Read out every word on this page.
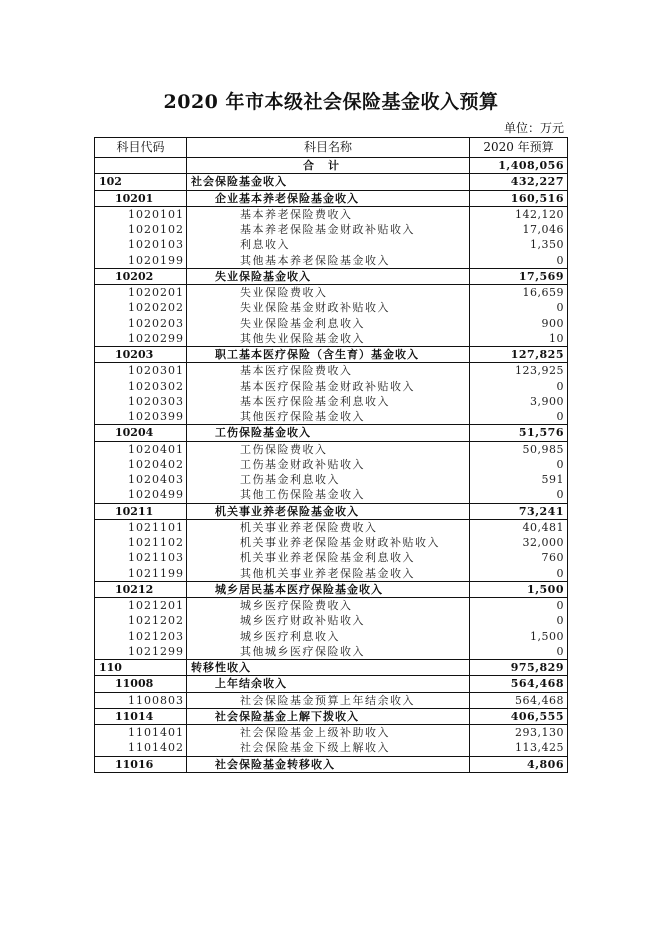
2020 年市本级社会保险基金收入预算
单位：万元
科目代码	科目名称	2020 年预算
	合计	1,408,056
102	社会保险基金收入	432,227
10201	企业基本养老保险基金收入	160,516
1020101	基本养老保险费收入	142,120
1020102	基本养老保险基金财政补贴收入	17,046
1020103	利息收入	1,350
1020199	其他基本养老保险基金收入	0
10202	失业保险基金收入	17,569
1020201	失业保险费收入	16,659
1020202	失业保险基金财政补贴收入	0
1020203	失业保险基金利息收入	900
1020299	其他失业保险基金收入	10
10203	职工基本医疗保险（含生育）基金收入	127,825
1020301	基本医疗保险费收入	123,925
1020302	基本医疗保险基金财政补贴收入	0
1020303	基本医疗保险基金利息收入	3,900
1020399	其他医疗保险基金收入	0
10204	工伤保险基金收入	51,576
1020401	工伤保险费收入	50,985
1020402	工伤基金财政补贴收入	0
1020403	工伤基金利息收入	591
1020499	其他工伤保险基金收入	0
10211	机关事业养老保险基金收入	73,241
1021101	机关事业养老保险费收入	40,481
1021102	机关事业养老保险基金财政补贴收入	32,000
1021103	机关事业养老保险基金利息收入	760
1021199	其他机关事业养老保险基金收入	0
10212	城乡居民基本医疗保险基金收入	1,500
1021201	城乡医疗保险费收入	0
1021202	城乡医疗财政补贴收入	0
1021203	城乡医疗利息收入	1,500
1021299	其他城乡医疗保险收入	0
110	转移性收入	975,829
11008	上年结余收入	564,468
1100803	社会保险基金预算上年结余收入	564,468
11014	社会保险基金上解下拨收入	406,555
1101401	社会保险基金上级补助收入	293,130
1101402	社会保险基金下级上解收入	113,425
11016	社会保险基金转移收入	4,806
